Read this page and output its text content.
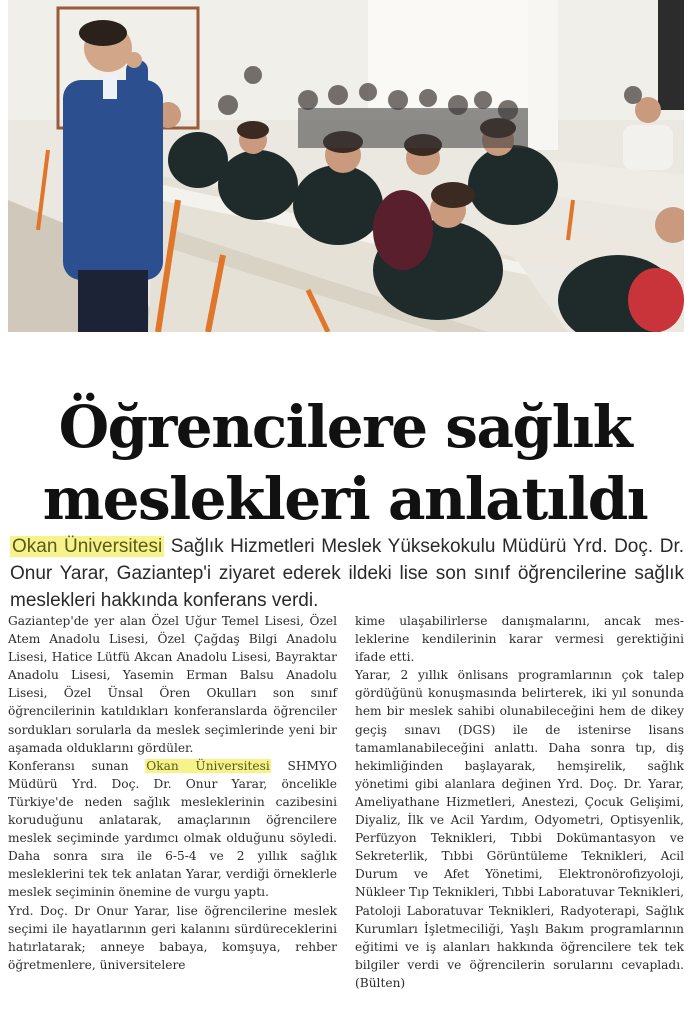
Öğrencilere sağlık
meslekleri anlatıldı

Okan Üniversitesi Sağlık Hizmetleri Meslek Yüksekokulu Müdürü Yrd. Doç. Dr. Onur Yarar, Gaziantep'i ziyaret ederek ildeki lise son sınıf öğrencilerine sağlık meslekleri hakkında konferans verdi.

Gaziantep'de yer alan Özel Uğur Temel Lisesi, Özel Atem Anadolu Lisesi, Özel Çağdaş Bilgi Anadolu Lisesi, Hatice Lütfü Akcan Anadolu Lisesi, Bayraktar Anadolu Lisesi, Yasemin Erman Balsu Anadolu Lisesi, Özel Ünsal Ören Okulları son sınıf öğrencilerinin katıldıkları konferanslarda öğrenciler sordukları sorularla da meslek seçimlerinde yeni bir aşamada olduklarını gördüler.

Konferansı sunan Okan Üniversitesi SHMYO Müdürü Yrd. Doç. Dr. Onur Yarar, öncelikle Türkiye'de neden sağlık mesleklerinin cazibesini koruduğunu anlatarak, amaçlarının öğrencilere meslek seçiminde yardımcı olmak olduğunu söyledi. Daha sonra sıra ile 6-5-4 ve 2 yıllık sağlık mesleklerini tek tek anlatan Yarar, verdiği örneklerle meslek seçiminin önemine de vurgu yaptı.

Yrd. Doç. Dr Onur Yarar, lise öğrencilerine meslek seçimi ile hayatlarının geri kalanını sürdüreceklerini hatırlatarak; anneye babaya, komşuya, rehber öğretmenlere, üniversitelere

kime ulaşabilirlerse danışmalarını, ancak mesleklerine kendilerinin karar vermesi gerektiğini ifade etti.

Yarar, 2 yıllık önlisans programlarının çok talep gördüğünü konuşmasında belirterek, iki yıl sonunda hem bir meslek sahibi olunabileceğini hem de dikey geçiş sınavı (DGS) ile de istenirse lisans tamamlanabileceğini anlattı. Daha sonra tıp, diş hekimliğinden başlayarak, hemşirelik, sağlık yönetimi gibi alanlara değinen Yrd. Doç. Dr. Yarar, Ameliyathane Hizmetleri, Anestezi, Çocuk Gelişimi, Diyaliz, İlk ve Acil Yardım, Odyometri, Optisyenlik, Perfüzyon Teknikleri, Tıbbi Dokümantasyon ve Sekreterlik, Tıbbi Görüntüleme Teknikleri, Acil Durum ve Afet Yönetimi, Elektronörofizyoloji, Nükleer Tıp Teknikleri, Tıbbi Laboratuvar Teknikleri, Patoloji Laboratuvar Teknikleri, Radyoterapi, Sağlık Kurumları İşletmeciliği, Yaşlı Bakım programlarının eğitimi ve iş alanları hakkında öğrencilere tek tek bilgiler verdi ve öğrencilerin sorularını cevapladı. (Bülten)
